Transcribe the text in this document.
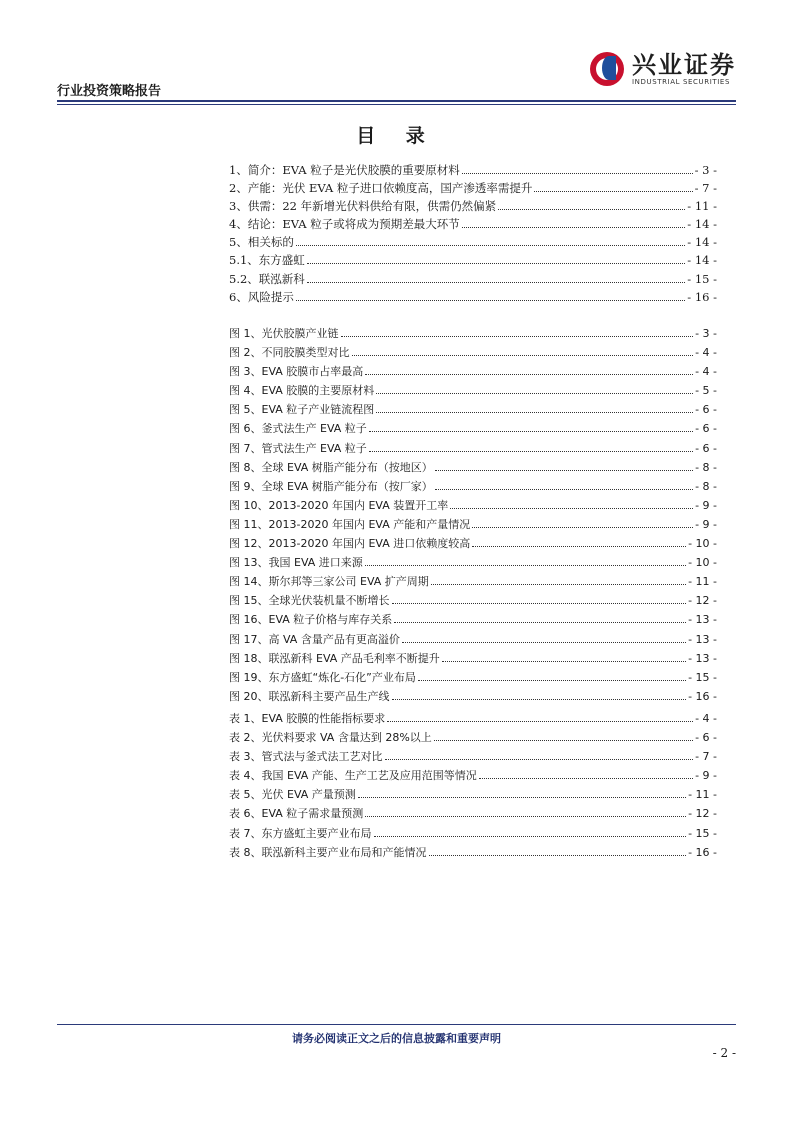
行业投资策略报告
兴业证券
INDUSTRIAL SECURITIES
目 录
1、简介：EVA 粒子是光伏胶膜的重要原材料	- 3 -
2、产能：光伏 EVA 粒子进口依赖度高，国产渗透率需提升	- 7 -
3、供需：22 年新增光伏料供给有限，供需仍然偏紧	- 11 -
4、结论：EVA 粒子或将成为预期差最大环节	- 14 -
5、相关标的	- 14 -
5.1、东方盛虹	- 14 -
5.2、联泓新科	- 15 -
6、风险提示	- 16 -
图 1、光伏胶膜产业链	- 3 -
图 2、不同胶膜类型对比	- 4 -
图 3、EVA 胶膜市占率最高	- 4 -
图 4、EVA 胶膜的主要原材料	- 5 -
图 5、EVA 粒子产业链流程图	- 6 -
图 6、釜式法生产 EVA 粒子	- 6 -
图 7、管式法生产 EVA 粒子	- 6 -
图 8、全球 EVA 树脂产能分布（按地区）	- 8 -
图 9、全球 EVA 树脂产能分布（按厂家）	- 8 -
图 10、2013-2020 年国内 EVA 装置开工率	- 9 -
图 11、2013-2020 年国内 EVA 产能和产量情况	- 9 -
图 12、2013-2020 年国内 EVA 进口依赖度较高	- 10 -
图 13、我国 EVA 进口来源	- 10 -
图 14、斯尔邦等三家公司 EVA 扩产周期	- 11 -
图 15、全球光伏装机量不断增长	- 12 -
图 16、EVA 粒子价格与库存关系	- 13 -
图 17、高 VA 含量产品有更高溢价	- 13 -
图 18、联泓新科 EVA 产品毛利率不断提升	- 13 -
图 19、东方盛虹“炼化-石化”产业布局	- 15 -
图 20、联泓新科主要产品生产线	- 16 -
表 1、EVA 胶膜的性能指标要求	- 4 -
表 2、光伏料要求 VA 含量达到 28%以上	- 6 -
表 3、管式法与釜式法工艺对比	- 7 -
表 4、我国 EVA 产能、生产工艺及应用范围等情况	- 9 -
表 5、光伏 EVA 产量预测	- 11 -
表 6、EVA 粒子需求量预测	- 12 -
表 7、东方盛虹主要产业布局	- 15 -
表 8、联泓新科主要产业布局和产能情况	- 16 -
请务必阅读正文之后的信息披露和重要声明
- 2 -
